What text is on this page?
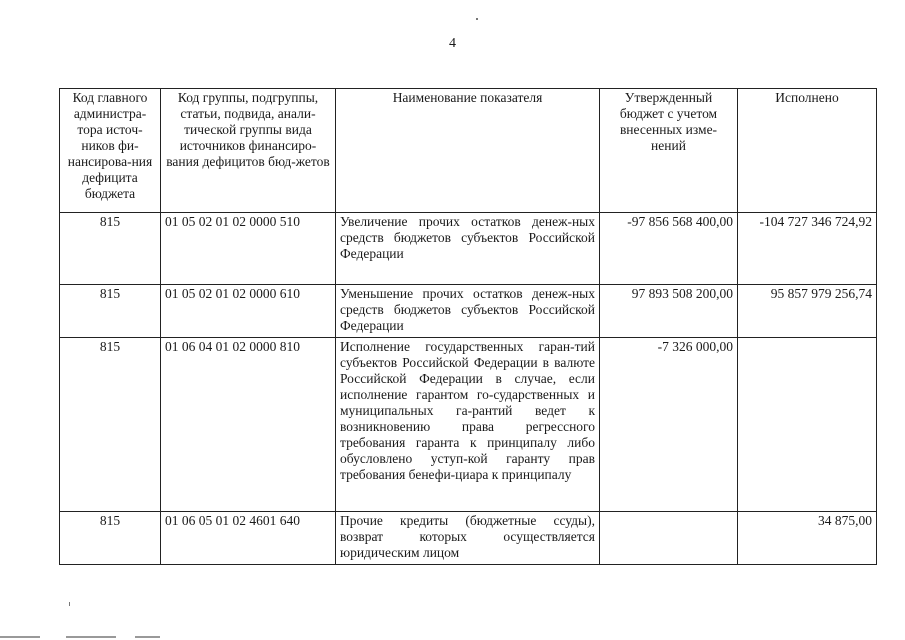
4
Код главного администра-тора источ-ников фи-нансирова-ния дефицита бюджета	Код группы, подгруппы, статьи, подвида, анали-тической группы вида источников финансиро-вания дефицитов бюд-жетов	Наименование показателя	Утвержденный бюджет с учетом внесенных изме-нений	Исполнено
815	01 05 02 01 02 0000 510	Увеличение прочих остатков денеж-ных средств бюджетов субъектов Российской Федерации	-97 856 568 400,00	-104 727 346 724,92
815	01 05 02 01 02 0000 610	Уменьшение прочих остатков денеж-ных средств бюджетов субъектов Российской Федерации	97 893 508 200,00	95 857 979 256,74
815	01 06 04 01 02 0000 810	Исполнение государственных гаран-тий субъектов Российской Федерации в валюте Российской Федерации в случае, если исполнение гарантом го-сударственных и муниципальных га-рантий ведет к возникновению права регрессного требования гаранта к принципалу либо обусловлено уступ-кой гаранту прав требования бенефи-циара к принципалу	-7 326 000,00	
815	01 06 05 01 02 4601 640	Прочие кредиты (бюджетные ссуды), возврат которых осуществляется юридическим лицом		34 875,00
